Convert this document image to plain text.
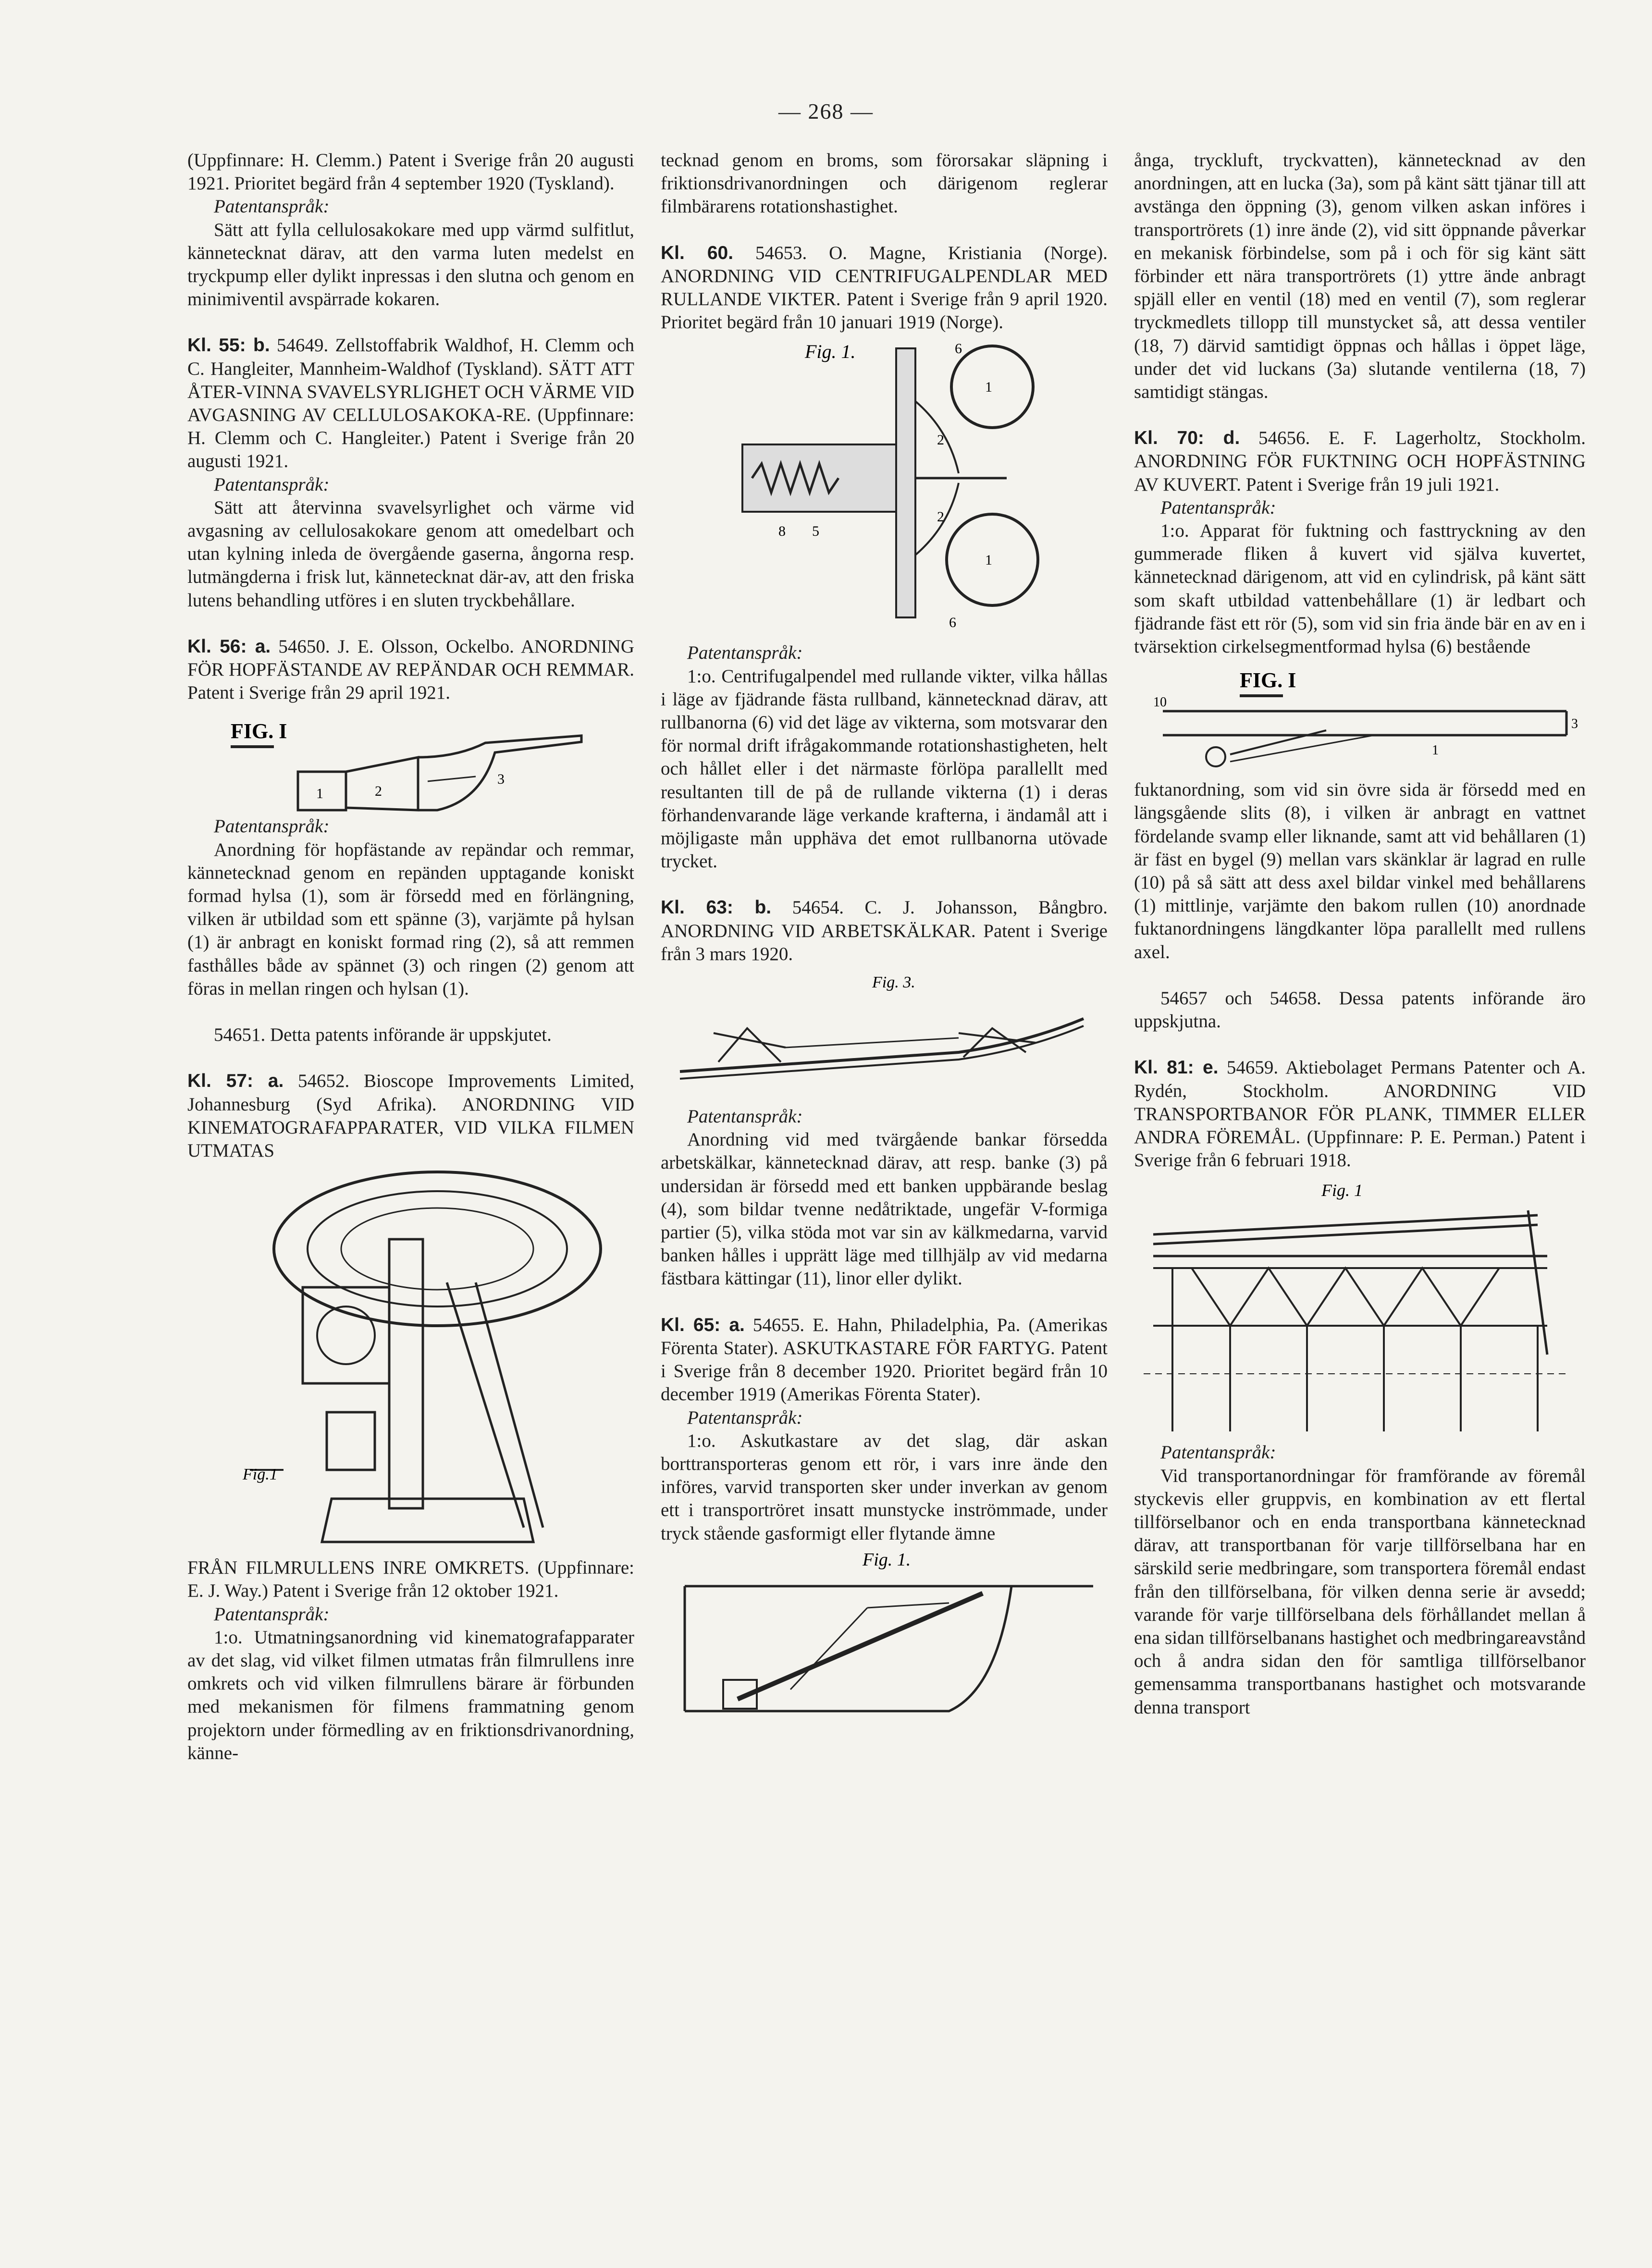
— 268 —

(Uppfinnare: H. Clemm.) Patent i Sverige från 20 augusti 1921. Prioritet begärd från 4 september 1920 (Tyskland).

Patentanspråk:

Sätt att fylla cellulosakokare med upp värmd sulfitlut, kännetecknat därav, att den varma luten medelst en tryckpump eller dylikt inpressas i den slutna och genom en minimiventil avspärrade kokaren.

Kl. 55: b. 54649. Zellstoffabrik Waldhof, H. Clemm och C. Hangleiter, Mannheim-Waldhof (Tyskland). SÄTT ATT ÅTER-VINNA SVAVELSYRLIGHET OCH VÄRME VID AVGASNING AV CELLULOSAKOKA-RE. (Uppfinnare: H. Clemm och C. Hangleiter.) Patent i Sverige från 20 augusti 1921.

Patentanspråk:

Sätt att återvinna svavelsyrlighet och värme vid avgasning av cellulosakokare genom att omedelbart och utan kylning inleda de övergående gaserna, ångorna resp. lutmängderna i frisk lut, kännetecknat där-av, att den friska lutens behandling utföres i en sluten tryckbehållare.

Kl. 56: a. 54650. J. E. Olsson, Ockelbo. ANORDNING FÖR HOPFÄSTANDE AV REPÄNDAR OCH REMMAR. Patent i Sverige från 29 april 1921.

FIG. I
1	2
3

Patentanspråk:

Anordning för hopfästande av repändar och remmar, kännetecknad genom en repänden upptagande koniskt formad hylsa (1), som är försedd med en förlängning, vilken är utbildad som ett spänne (3), varjämte på hylsan (1) är anbragt en koniskt formad ring (2), så att remmen fasthålles både av spännet (3) och ringen (2) genom att föras in mellan ringen och hylsan (1).

54651. Detta patents införande är uppskjutet.

Kl. 57: a. 54652. Bioscope Improvements Limited, Johannesburg (Syd Afrika). ANORDNING VID KINEMATOGRAFAPPARATER, VID VILKA FILMEN UTMATAS

Fig.1

FRÅN FILMRULLENS INRE OMKRETS. (Uppfinnare: E. J. Way.) Patent i Sverige från 12 oktober 1921.

Patentanspråk:

1:o. Utmatningsanordning vid kinematografapparater av det slag, vid vilket filmen utmatas från filmrullens inre omkrets och vid vilken filmrullens bärare är förbunden med mekanismen för filmens frammatning genom projektorn under förmedling av en friktionsdrivanordning, känne-

tecknad genom en broms, som förorsakar släpning i friktionsdrivanordningen och därigenom reglerar filmbärarens rotationshastighet.

Kl. 60. 54653. O. Magne, Kristiania (Norge). ANORDNING VID CENTRIFUGALPENDLAR MED RULLANDE VIKTER. Patent i Sverige från 9 april 1920. Prioritet begärd från 10 januari 1919 (Norge).

Fig. 1.	6
1
2
2
1
6
8 5

Patentanspråk:

1:o. Centrifugalpendel med rullande vikter, vilka hållas i läge av fjädrande fästa rullband, kännetecknad därav, att rullbanorna (6) vid det läge av vikterna, som motsvarar den för normal drift ifrågakommande rotationshastigheten, helt och hållet eller i det närmaste förlöpa parallellt med resultanten till de på de rullande vikterna (1) i deras förhandenvarande läge verkande krafterna, i ändamål att i möjligaste mån upphäva det emot rullbanorna utövade trycket.

Kl. 63: b. 54654. C. J. Johansson, Bångbro. ANORDNING VID ARBETSKÄLKAR. Patent i Sverige från 3 mars 1920.

Fig. 3.

Patentanspråk:

Anordning vid med tvärgående bankar försedda arbetskälkar, kännetecknad därav, att resp. banke (3) på undersidan är försedd med ett banken uppbärande beslag (4), som bildar tvenne nedåtriktade, ungefär V-formiga partier (5), vilka stöda mot var sin av kälkmedarna, varvid banken hålles i upprätt läge med tillhjälp av vid medarna fästbara kättingar (11), linor eller dylikt.

Kl. 65: a. 54655. E. Hahn, Philadelphia, Pa. (Amerikas Förenta Stater). ASKUTKASTARE FÖR FARTYG. Patent i Sverige från 8 december 1920. Prioritet begärd från 10 december 1919 (Amerikas Förenta Stater).

Patentanspråk:

1:o. Askutkastare av det slag, där askan borttransporteras genom ett rör, i vars inre ände den införes, varvid transporten sker under inverkan av genom ett i transportröret insatt munstycke inströmmade, under tryck stående gasformigt eller flytande ämne

Fig. 1.

ånga, tryckluft, tryckvatten), kännetecknad av den anordningen, att en lucka (3a), som på känt sätt tjänar till att avstänga den öppning (3), genom vilken askan införes i transportrörets (1) inre ände (2), vid sitt öppnande påverkar en mekanisk förbindelse, som på i och för sig känt sätt förbinder ett nära transportrörets (1) yttre ände anbragt spjäll eller en ventil (18) med en ventil (7), som reglerar tryckmedlets tillopp till munstycket så, att dessa ventiler (18, 7) därvid samtidigt öppnas och hållas i öppet läge, under det vid luckans (3a) slutande ventilerna (18, 7) samtidigt stängas.

Kl. 70: d. 54656. E. F. Lagerholtz, Stockholm. ANORDNING FÖR FUKTNING OCH HOPFÄSTNING AV KUVERT. Patent i Sverige från 19 juli 1921.

Patentanspråk:

1:o. Apparat för fuktning och fasttryckning av den gummerade fliken å kuvert vid själva kuvertet, kännetecknad därigenom, att vid en cylindrisk, på känt sätt som skaft utbildad vattenbehållare (1) är ledbart och fjädrande fäst ett rör (5), som vid sin fria ände bär en av en i tvärsektion cirkelsegmentformad hylsa (6) bestående

FIG. I
10
3
1

fuktanordning, som vid sin övre sida är försedd med en längsgående slits (8), i vilken är anbragt en vattnet fördelande svamp eller liknande, samt att vid behållaren (1) är fäst en bygel (9) mellan vars skänklar är lagrad en rulle (10) på så sätt att dess axel bildar vinkel med behållarens (1) mittlinje, varjämte den bakom rullen (10) anordnade fuktanordningens längdkanter löpa parallellt med rullens axel.

54657 och 54658. Dessa patents införande äro uppskjutna.

Kl. 81: e. 54659. Aktiebolaget Permans Patenter och A. Rydén, Stockholm. ANORDNING VID TRANSPORTBANOR FÖR PLANK, TIMMER ELLER ANDRA FÖREMÅL. (Uppfinnare: P. E. Perman.) Patent i Sverige från 6 februari 1918.

Fig. 1

Patentanspråk:

Vid transportanordningar för framförande av föremål styckevis eller gruppvis, en kombination av ett flertal tillförselbanor och en enda transportbana kännetecknad därav, att transportbanan för varje tillförselbana har en särskild serie medbringare, som transportera föremål endast från den tillförselbana, för vilken denna serie är avsedd; varande för varje tillförselbana dels förhållandet mellan å ena sidan tillförselbanans hastighet och medbringareavstånd och å andra sidan den för samtliga tillförselbanor gemensamma transportbanans hastighet och motsvarande denna transport
